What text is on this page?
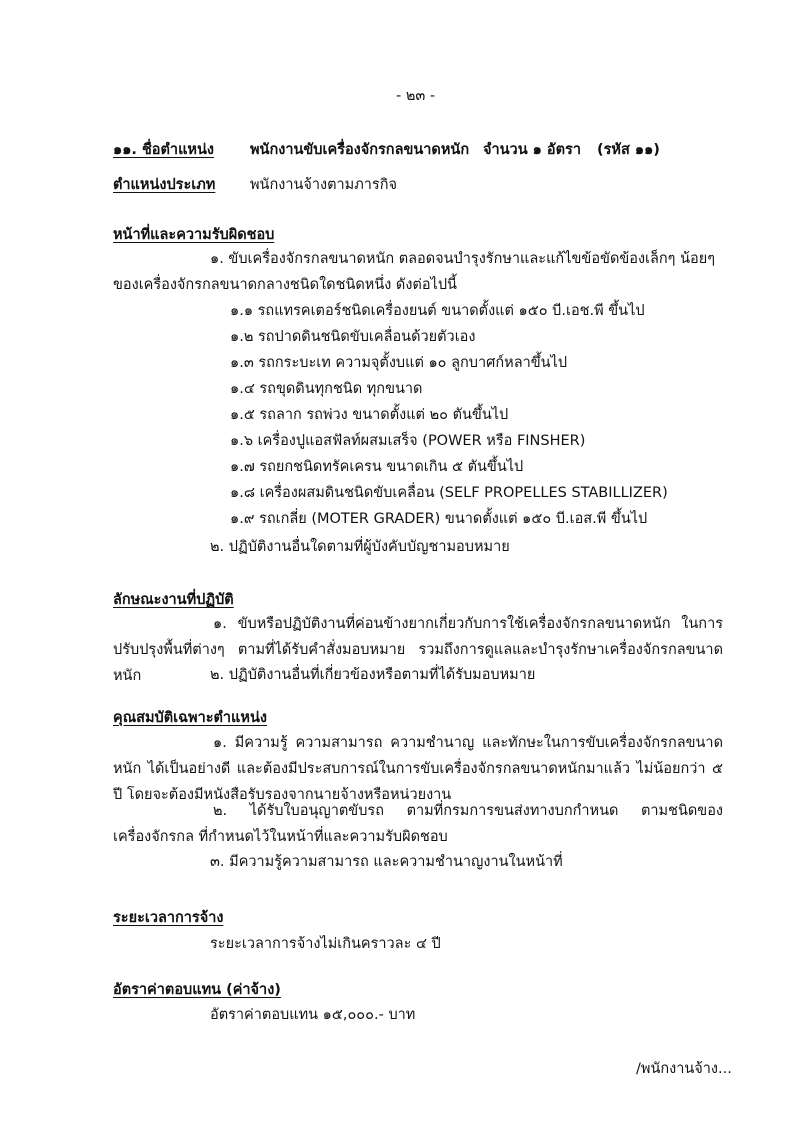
- ๒๓ -
๑๑. ชื่อตำแหน่ง พนักงานขับเครื่องจักรกลขนาดหนัก จำนวน ๑ อัตรา (รหัส ๑๑)
ตำแหน่งประเภท พนักงานจ้างตามภารกิจ
หน้าที่และความรับผิดชอบ
๑. ขับเครื่องจักรกลขนาดหนัก ตลอดจนบำรุงรักษาและแก้ไขข้อขัดข้องเล็กๆ น้อยๆ
ของเครื่องจักรกลขนาดกลางชนิดใดชนิดหนึ่ง ดังต่อไปนี้
๑.๑ รถแทรคเตอร์ชนิดเครื่องยนต์ ขนาดตั้งแต่ ๑๕๐ บี.เอช.พี ขึ้นไป
๑.๒ รถปาดดินชนิดขับเคลื่อนด้วยตัวเอง
๑.๓ รถกระบะเท ความจุตั้งบแต่ ๑๐ ลูกบาศก์หลาขึ้นไป
๑.๔ รถขุดดินทุกชนิด ทุกขนาด
๑.๕ รถลาก รถพ่วง ขนาดตั้งแต่ ๒๐ ตันขึ้นไป
๑.๖ เครื่องปูแอสฟัลท์ผสมเสร็จ (POWER หรือ FINSHER)
๑.๗ รถยกชนิดทรัคเครน ขนาดเกิน ๕ ตันขึ้นไป
๑.๘ เครื่องผสมดินชนิดขับเคลื่อน (SELF PROPELLES STABILLIZER)
๑.๙ รถเกลี่ย (MOTER GRADER) ขนาดตั้งแต่ ๑๕๐ บี.เอส.พี ขึ้นไป
๒. ปฏิบัติงานอื่นใดตามที่ผู้บังคับบัญชามอบหมาย
ลักษณะงานที่ปฏิบัติ
๑. ขับหรือปฏิบัติงานที่ค่อนข้างยากเกี่ยวกับการใช้เครื่องจักรกลขนาดหนัก ในการปรับปรุงพื้นที่ต่างๆ ตามที่ได้รับคำสั่งมอบหมาย รวมถึงการดูแลและบำรุงรักษาเครื่องจักรกลขนาดหนัก	๒. ปฏิบัติงานอื่นที่เกี่ยวข้องหรือตามที่ได้รับมอบหมาย
คุณสมบัติเฉพาะตำแหน่ง
๑. มีความรู้ ความสามารถ ความชำนาญ และทักษะในการขับเครื่องจักรกลขนาดหนัก ได้เป็นอย่างดี และต้องมีประสบการณ์ในการขับเครื่องจักรกลขนาดหนักมาแล้ว ไม่น้อยกว่า ๕ ปี โดยจะต้องมีหนังสือรับรองจากนายจ้างหรือหน่วยงาน
๒. ได้รับใบอนุญาตขับรถ ตามที่กรมการขนส่งทางบกกำหนด ตามชนิดของเครื่องจักรกล ที่กำหนดไว้ในหน้าที่และความรับผิดชอบ
๓. มีความรู้ความสามารถ และความชำนาญงานในหน้าที่
ระยะเวลาการจ้าง
ระยะเวลาการจ้างไม่เกินคราวละ ๔ ปี
อัตราค่าตอบแทน (ค่าจ้าง)
อัตราค่าตอบแทน ๑๕,๐๐๐.- บาท
/พนักงานจ้าง...
